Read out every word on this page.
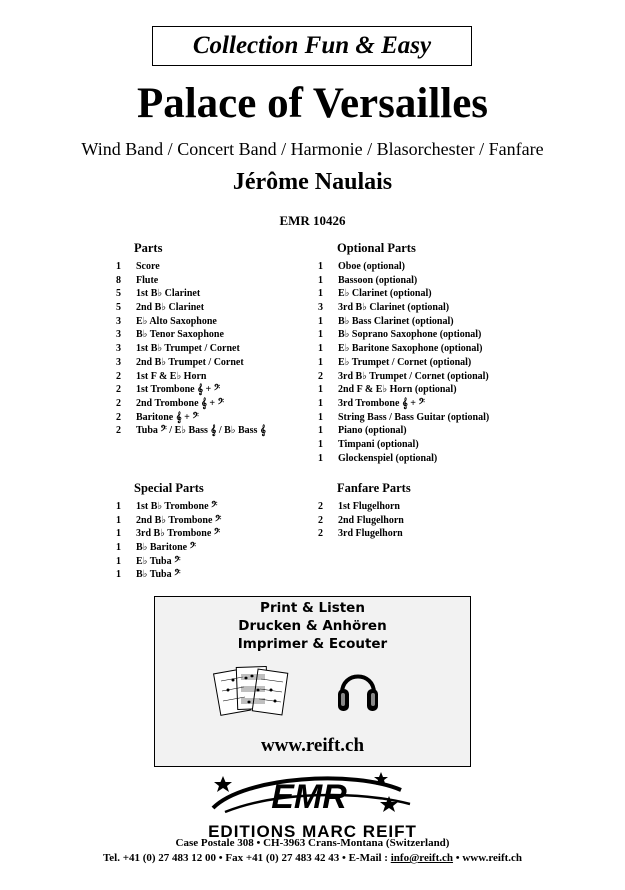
Collection Fun & Easy
Palace of Versailles
Wind Band / Concert Band / Harmonie / Blasorchester / Fanfare
Jérôme Naulais
EMR 10426
Parts
1	Score
8	Flute
5	1st B♭ Clarinet
5	2nd B♭ Clarinet
3	E♭ Alto Saxophone
3	B♭ Tenor Saxophone
3	1st B♭ Trumpet / Cornet
3	2nd B♭ Trumpet / Cornet
2	1st F & E♭ Horn
2	1st Trombone 𝄞 + 𝄢
2	2nd Trombone 𝄞 + 𝄢
2	Baritone 𝄞 + 𝄢
2	Tuba 𝄢 / E♭ Bass 𝄞 / B♭ Bass 𝄞
Optional Parts
1	Oboe (optional)
1	Bassoon (optional)
1	E♭ Clarinet (optional)
3	3rd B♭ Clarinet (optional)
1	B♭ Bass Clarinet (optional)
1	B♭ Soprano Saxophone (optional)
1	E♭ Baritone Saxophone (optional)
1	E♭ Trumpet / Cornet (optional)
2	3rd B♭ Trumpet / Cornet (optional)
1	2nd F & E♭ Horn (optional)
1	3rd Trombone 𝄞 + 𝄢
1	String Bass / Bass Guitar (optional)
1	Piano (optional)
1	Timpani (optional)
1	Glockenspiel (optional)
Special Parts
1	1st B♭ Trombone 𝄢
1	2nd B♭ Trombone 𝄢
1	3rd B♭ Trombone 𝄢
1	B♭ Baritone 𝄢
1	E♭ Tuba 𝄢
1	B♭ Tuba 𝄢
Fanfare Parts
2	1st Flugelhorn
2	2nd Flugelhorn
2	3rd Flugelhorn
Print & Listen
Drucken & Anhören
Imprimer & Ecouter
www.reift.ch
EMR
EDITIONS MARC REIFT
Case Postale 308 • CH-3963 Crans-Montana (Switzerland)
Tel. +41 (0) 27 483 12 00 • Fax +41 (0) 27 483 42 43 • E-Mail : info@reift.ch • www.reift.ch
